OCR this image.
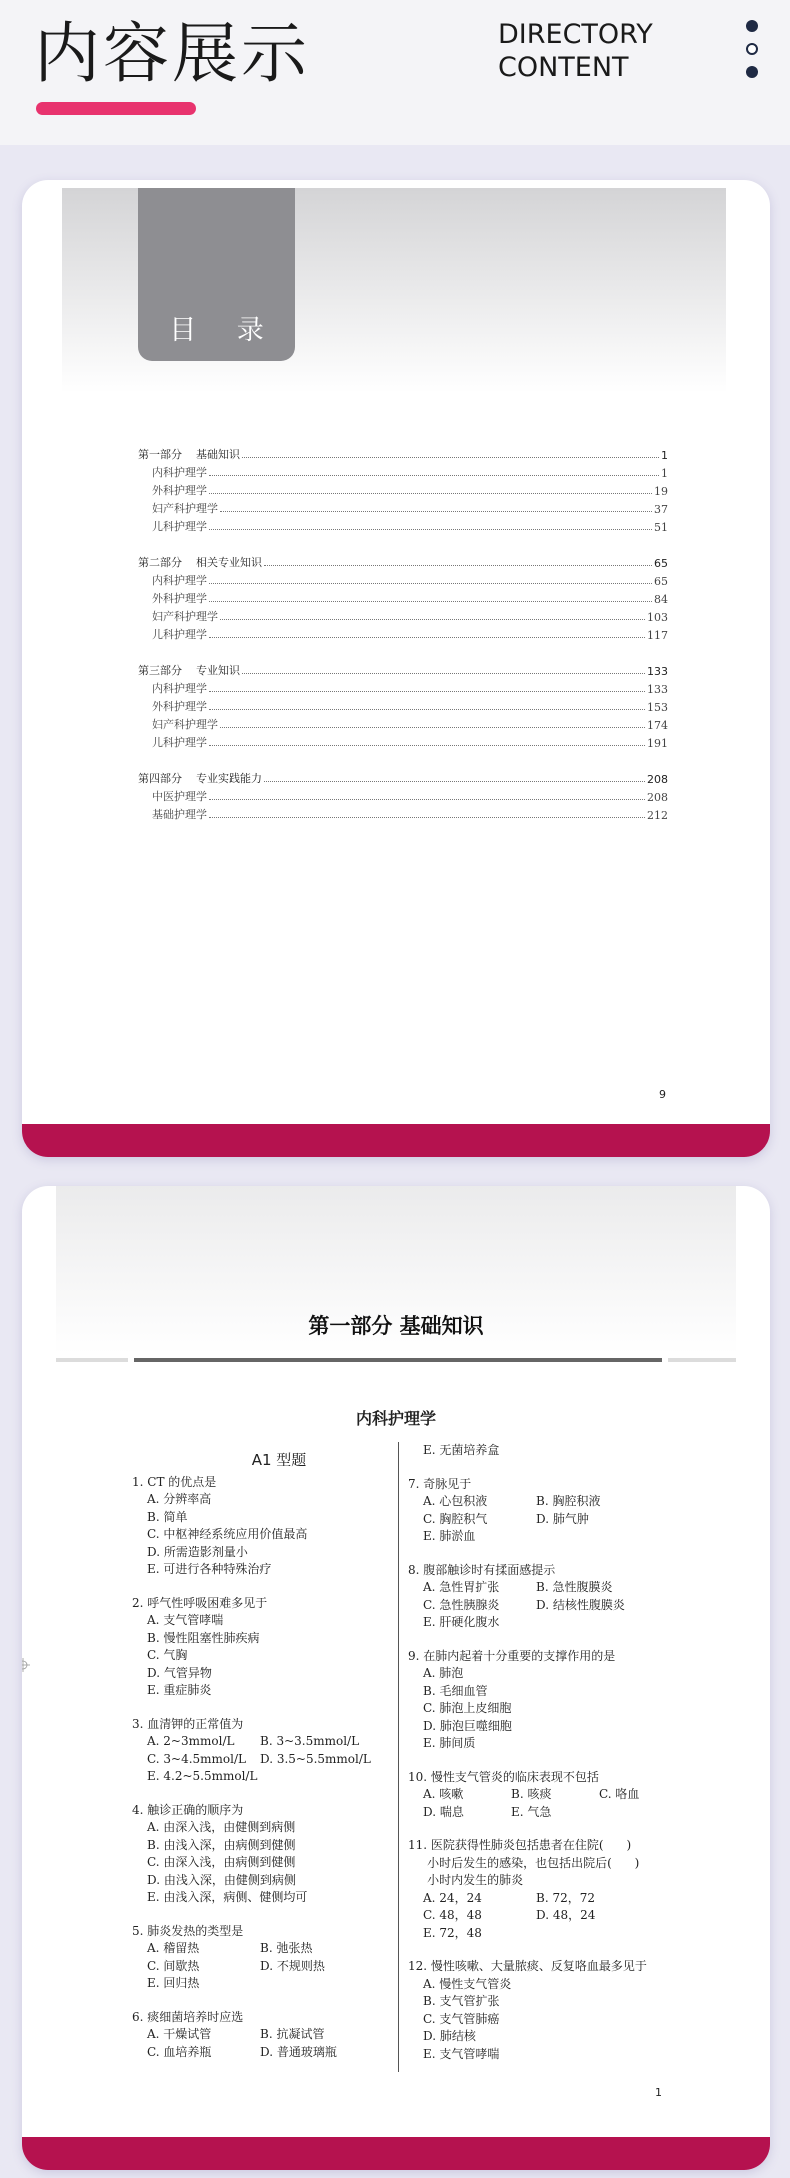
内容展示	DIRECTORY
CONTENT
目 录
第一部分    基础知识	1
内科护理学	1
外科护理学	19
妇产科护理学	37
儿科护理学	51
第二部分    相关专业知识	65
内科护理学	65
外科护理学	84
妇产科护理学	103
儿科护理学	117
第三部分    专业知识	133
内科护理学	133
外科护理学	153
妇产科护理学	174
儿科护理学	191
第四部分    专业实践能力	208
中医护理学	208
基础护理学	212
9
第一部分 基础知识
内科护理学
A1 型题
1. CT 的优点是
A. 分辨率高
B. 简单
C. 中枢神经系统应用价值最高
D. 所需造影剂量小
E. 可进行各种特殊治疗
2. 呼气性呼吸困难多见于
A. 支气管哮喘
B. 慢性阻塞性肺疾病
C. 气胸
D. 气管异物
E. 重症肺炎
3. 血清钾的正常值为
A. 2~3mmol/L	B. 3~3.5mmol/L
C. 3~4.5mmol/L	D. 3.5~5.5mmol/L
E. 4.2~5.5mmol/L
4. 触诊正确的顺序为
A. 由深入浅，由健侧到病侧
B. 由浅入深，由病侧到健侧
C. 由深入浅，由病侧到健侧
D. 由浅入深，由健侧到病侧
E. 由浅入深，病侧、健侧均可
5. 肺炎发热的类型是
A. 稽留热	B. 弛张热
C. 间歇热	D. 不规则热
E. 回归热
6. 痰细菌培养时应选
A. 干燥试管	B. 抗凝试管
C. 血培养瓶	D. 普通玻璃瓶
E. 无菌培养盒
7. 奇脉见于
A. 心包积液	B. 胸腔积液
C. 胸腔积气	D. 肺气肿
E. 肺淤血
8. 腹部触诊时有揉面感提示
A. 急性胃扩张	B. 急性腹膜炎
C. 急性胰腺炎	D. 结核性腹膜炎
E. 肝硬化腹水
9. 在肺内起着十分重要的支撑作用的是
A. 肺泡
B. 毛细血管
C. 肺泡上皮细胞
D. 肺泡巨噬细胞
E. 肺间质
10. 慢性支气管炎的临床表现不包括
A. 咳嗽	B. 咳痰	C. 咯血
D. 喘息	E. 气急
11. 医院获得性肺炎包括患者在住院(      )
小时后发生的感染，也包括出院后(      )
小时内发生的肺炎
A. 24，24	B. 72，72
C. 48，48	D. 48，24
E. 72，48
12. 慢性咳嗽、大量脓痰、反复咯血最多见于
A. 慢性支气管炎
B. 支气管扩张
C. 支气管肺癌
D. 肺结核
E. 支气管哮喘
1
